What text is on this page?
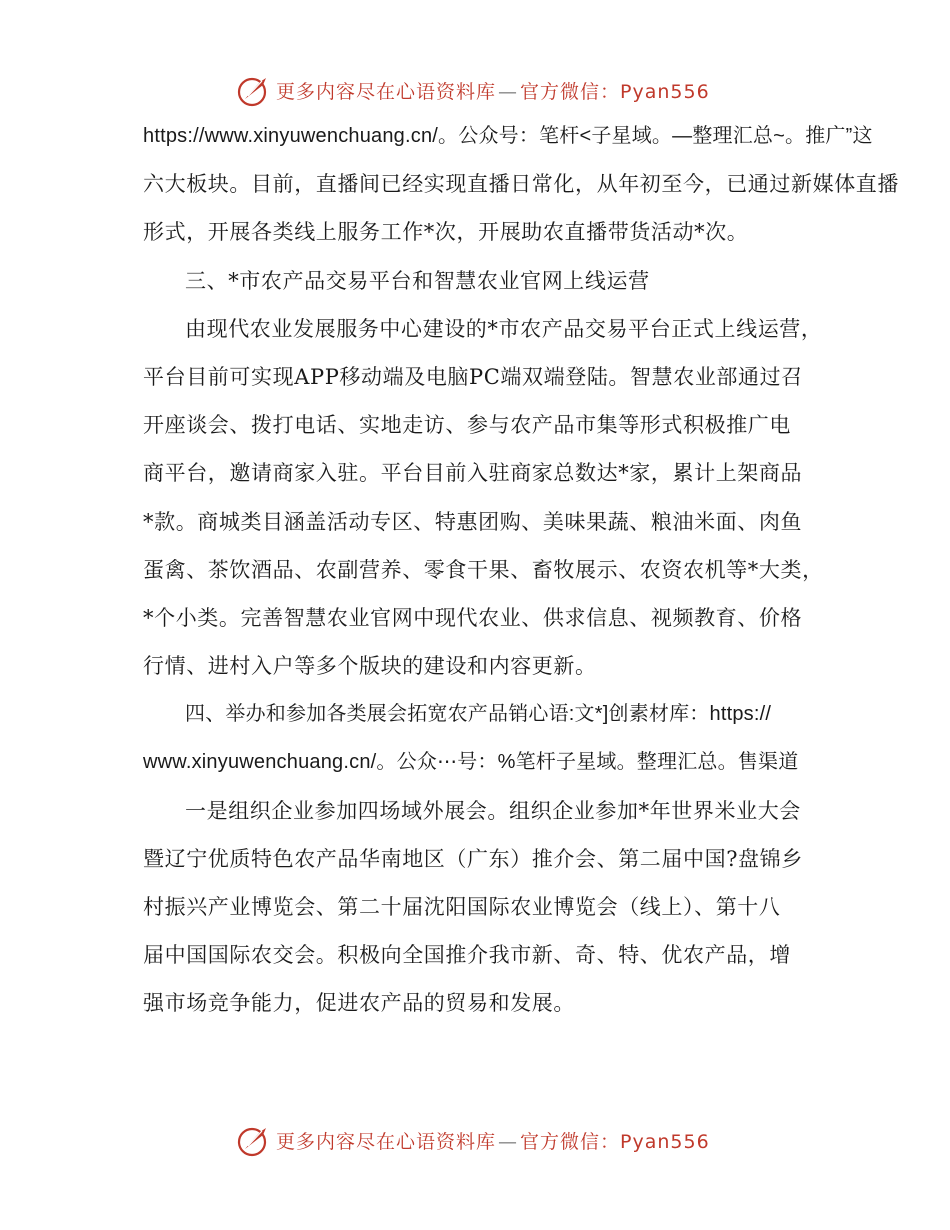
更多内容尽在心语资料库 — 官方微信：Pyan556
https://www.xinyuwenchuang.cn/。公众号：笔杆<子星域。—整理汇总~。推广”这
六大板块。目前，直播间已经实现直播日常化，从年初至今，已通过新媒体直播
形式，开展各类线上服务工作*次，开展助农直播带货活动*次。
三、*市农产品交易平台和智慧农业官网上线运营
由现代农业发展服务中心建设的*市农产品交易平台正式上线运营，
平台目前可实现APP移动端及电脑PC端双端登陆。智慧农业部通过召
开座谈会、拨打电话、实地走访、参与农产品市集等形式积极推广电
商平台，邀请商家入驻。平台目前入驻商家总数达*家，累计上架商品
*款。商城类目涵盖活动专区、特惠团购、美味果蔬、粮油米面、肉鱼
蛋禽、茶饮酒品、农副营养、零食干果、畜牧展示、农资农机等*大类，
*个小类。完善智慧农业官网中现代农业、供求信息、视频教育、价格
行情、进村入户等多个版块的建设和内容更新。
四、举办和参加各类展会拓宽农产品销心语:文*]创素材库：https://
www.xinyuwenchuang.cn/。公众⋯号：%笔杆子星域。整理汇总。售渠道
一是组织企业参加四场域外展会。组织企业参加*年世界米业大会
暨辽宁优质特色农产品华南地区（广东）推介会、第二届中国?盘锦乡
村振兴产业博览会、第二十届沈阳国际农业博览会（线上）、第十八
届中国国际农交会。积极向全国推介我市新、奇、特、优农产品，增
强市场竞争能力，促进农产品的贸易和发展。
更多内容尽在心语资料库 — 官方微信：Pyan556
